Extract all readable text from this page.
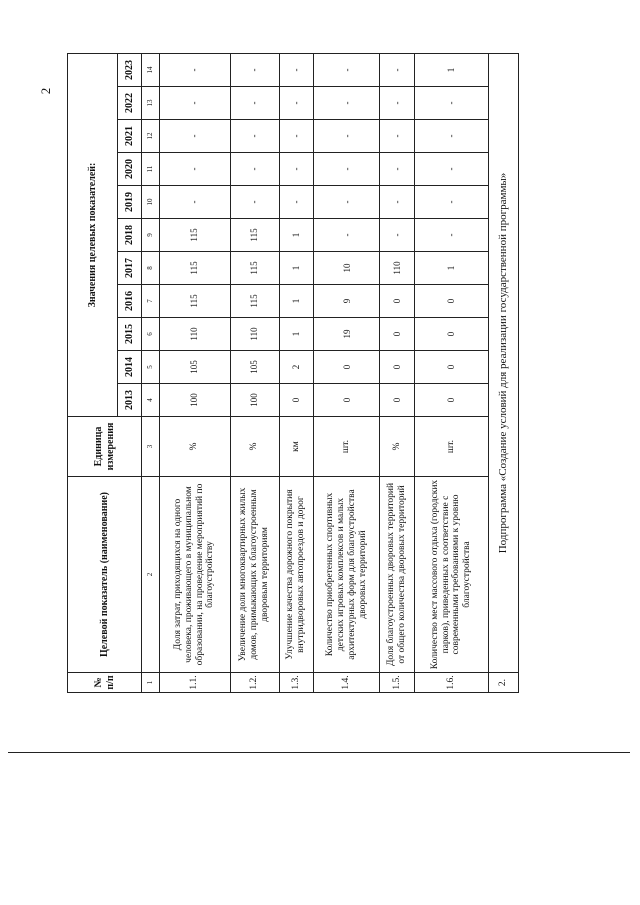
2
№ п/п	Целевой показатель (наименование)	Единица измерения	Значения целевых показателей:										
			2013	2014	2015	2016	2017	2018	2019	2020	2021	2022	2023
1	2	3	4	5	6	7	8	9	10	11	12	13	14
1.1.	Доля затрат, приходящихся на одного человека, проживающего в муниципальном образовании, на проведение мероприятий по благоустройству	%	100	105	110	115	115	115	-	-	-	-	-
1.2.	Увеличение доли многоквартирных жилых домов, примыкающих к благоустроенным дворовым территориям	%	100	105	110	115	115	115	-	-	-	-	-
1.3.	Улучшение качества дорожного покрытия внутридворовых автопроездов и дорог	км	0	2	1	1	1	1	-	-	-	-	-
1.4.	Количество приобретенных спортивных детских игровых комплексов и малых архитектурных форм для благоустройства дворовых территорий	шт.	0	0	19	9	10	-	-	-	-	-	-
1.5.	Доля благоустроенных дворовых территорий от общего количества дворовых территорий	%	0	0	0	0	110	-	-	-	-	-	-
1.6.	Количество мест массового отдыха (городских парков), приведенных в соответствие с современными требованиями к уровню благоустройства	шт.	0	0	0	0	1	-	-	-	-	-	1
2.	Подпрограмма «Создание условий для реализации государственной программы»												
